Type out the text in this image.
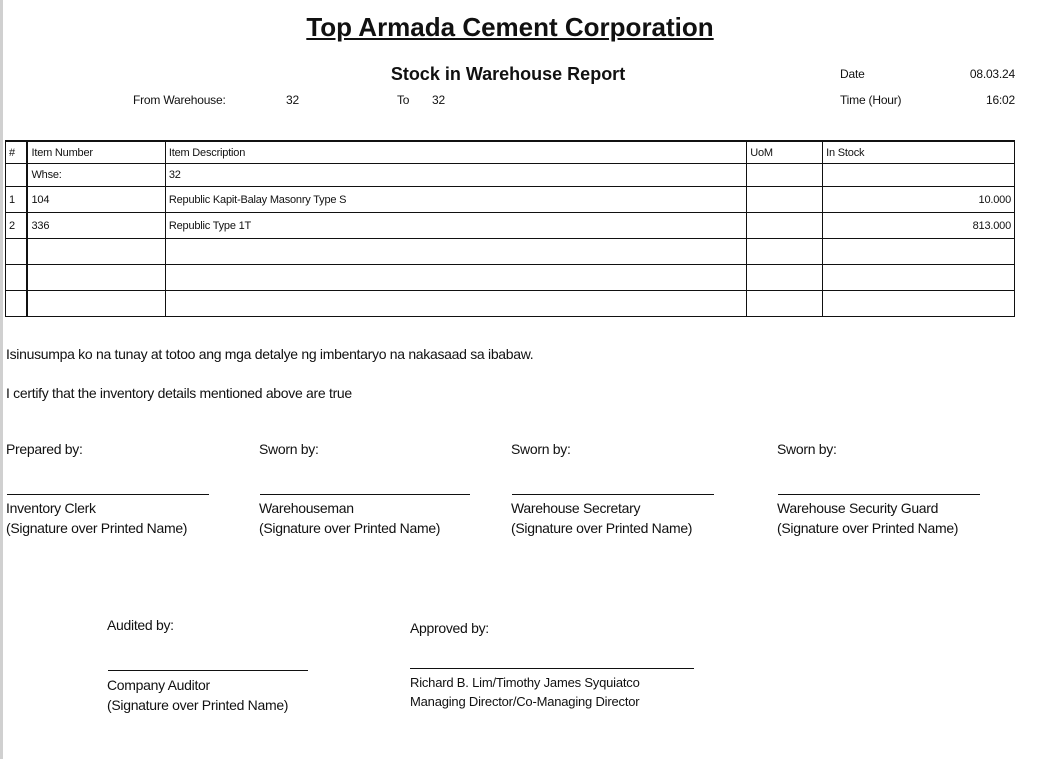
Top Armada Cement Corporation
Stock in Warehouse Report
From Warehouse:	32	To 32
Date	08.03.24
Time (Hour)	16:02
#	Item Number	Item Description	UoM	In Stock
	Whse:	32		
1	104	Republic Kapit-Balay Masonry Type S		10.000
2	336	Republic Type 1T		813.000

Isinusumpa ko na tunay at totoo ang mga detalye ng imbentaryo na nakasaad sa ibabaw.
I certify that the inventory details mentioned above are true
Prepared by:
Inventory Clerk
(Signature over Printed Name)
Sworn by:
Warehouseman
(Signature over Printed Name)
Sworn by:
Warehouse Secretary
(Signature over Printed Name)
Sworn by:
Warehouse Security Guard
(Signature over Printed Name)
Audited by:
Company Auditor
(Signature over Printed Name)
Approved by:
Richard B. Lim/Timothy James Syquiatco
Managing Director/Co-Managing Director
